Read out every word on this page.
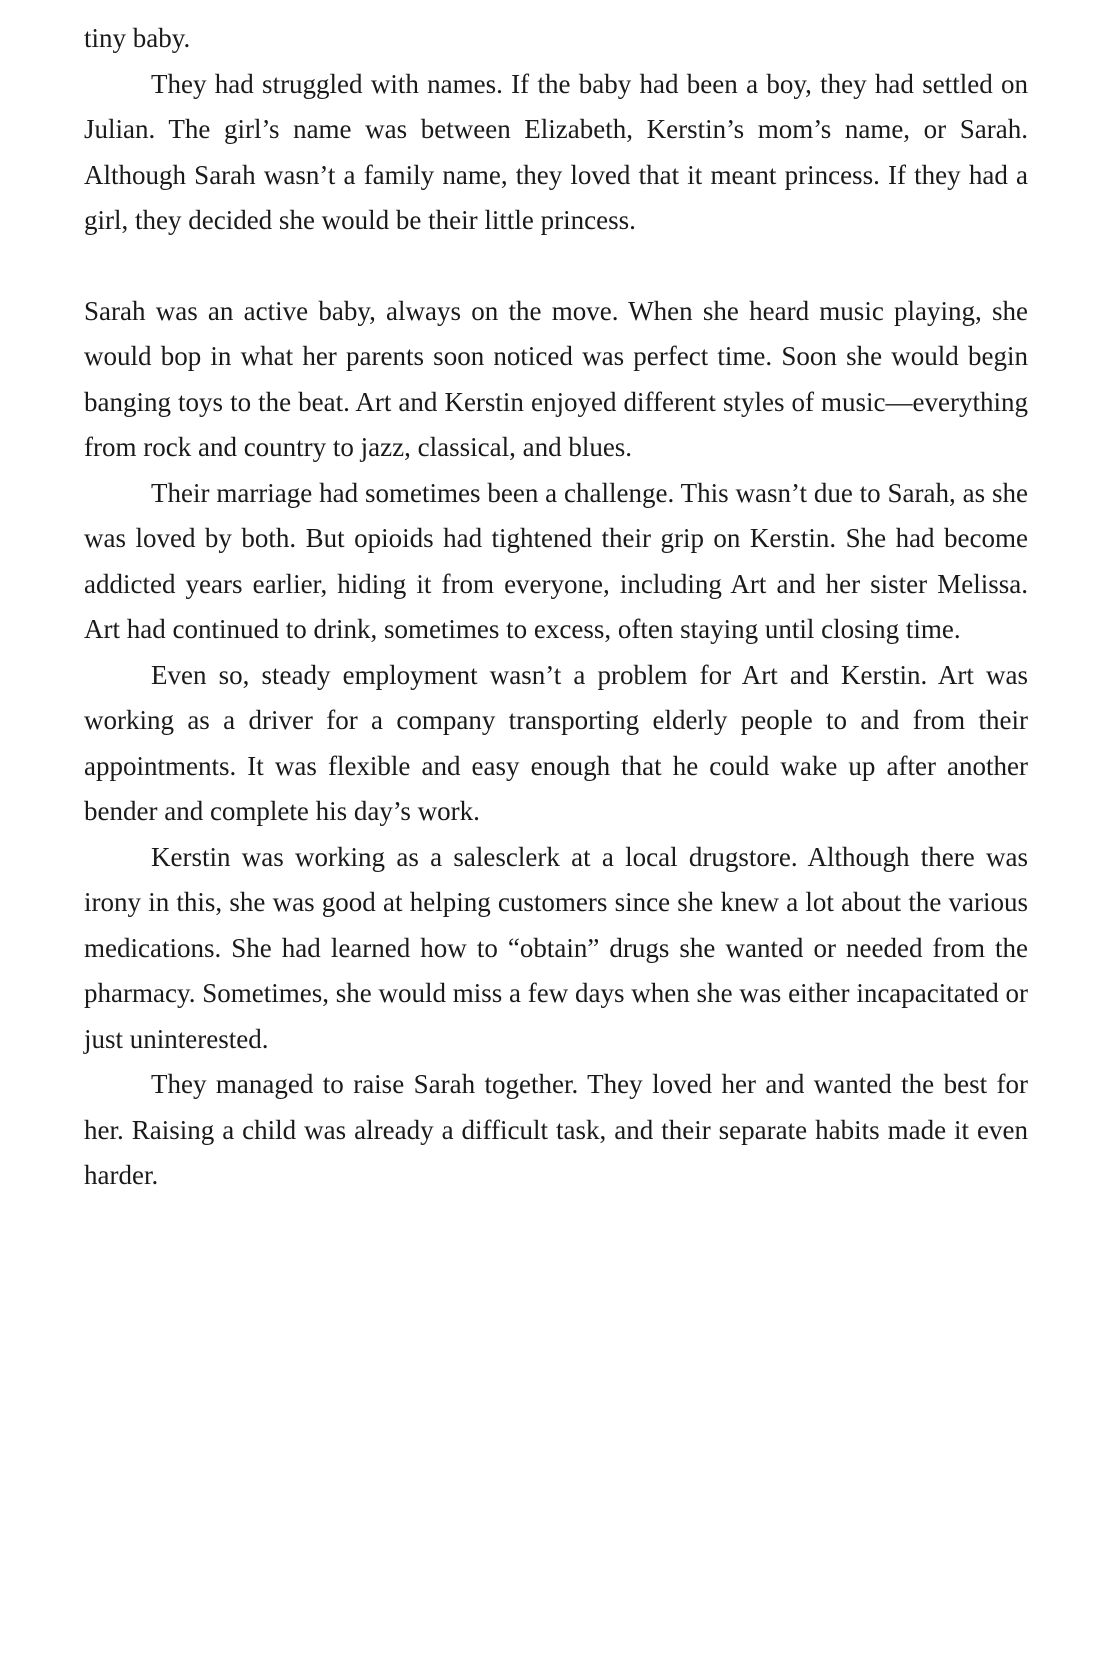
tiny baby.

They had struggled with names. If the baby had been a boy, they had settled on Julian. The girl’s name was between Elizabeth, Kerstin’s mom’s name, or Sarah. Although Sarah wasn’t a family name, they loved that it meant princess. If they had a girl, they decided she would be their little princess.

Sarah was an active baby, always on the move. When she heard music playing, she would bop in what her parents soon noticed was perfect time. Soon she would begin banging toys to the beat. Art and Kerstin enjoyed different styles of music—everything from rock and country to jazz, classical, and blues.

Their marriage had sometimes been a challenge. This wasn’t due to Sarah, as she was loved by both. But opioids had tightened their grip on Kerstin. She had become addicted years earlier, hiding it from everyone, including Art and her sister Melissa. Art had continued to drink, sometimes to excess, often staying until closing time.

Even so, steady employment wasn’t a problem for Art and Kerstin. Art was working as a driver for a company transporting elderly people to and from their appointments. It was flexible and easy enough that he could wake up after another bender and complete his day’s work.

Kerstin was working as a salesclerk at a local drugstore. Although there was irony in this, she was good at helping customers since she knew a lot about the various medications. She had learned how to “obtain” drugs she wanted or needed from the pharmacy. Sometimes, she would miss a few days when she was either incapacitated or just uninterested.

They managed to raise Sarah together. They loved her and wanted the best for her. Raising a child was already a difficult task, and their separate habits made it even harder.
